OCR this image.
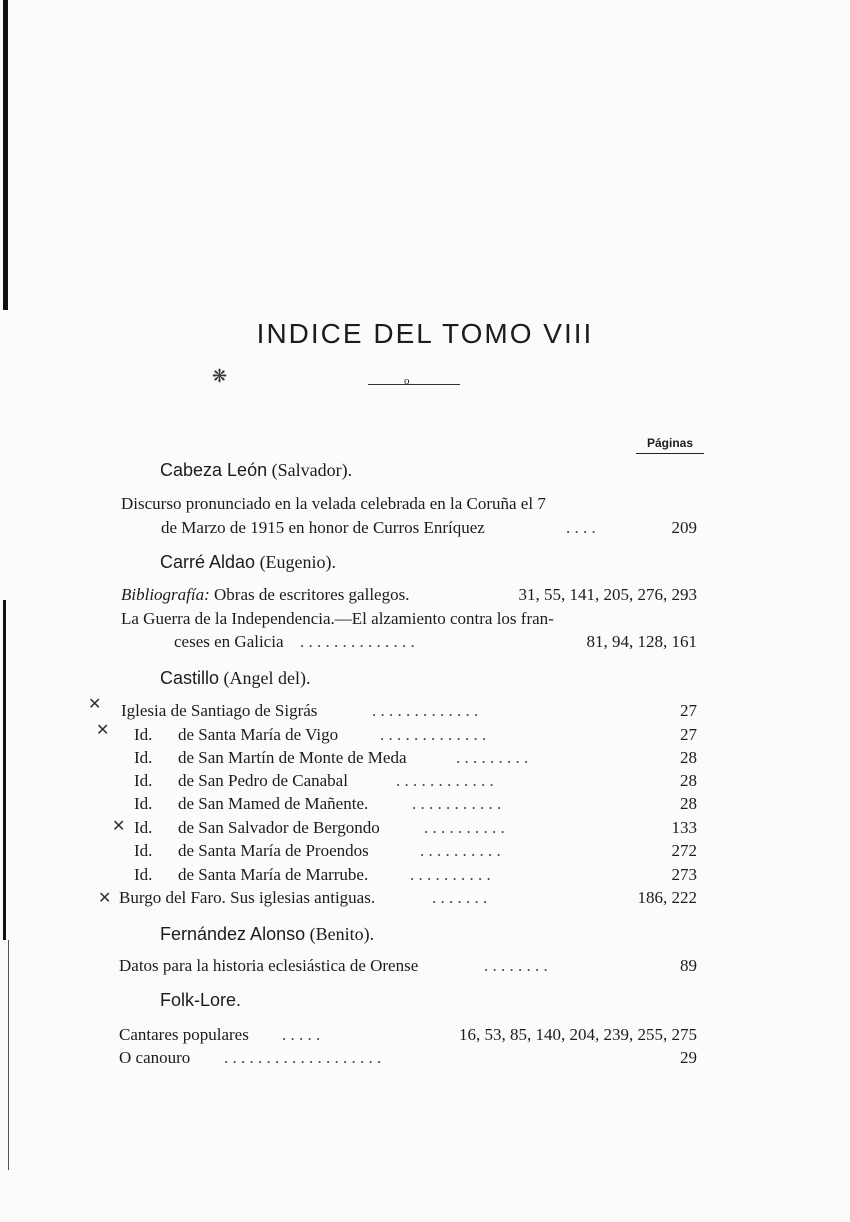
INDICE DEL TOMO VIII
❋	o
Páginas
Cabeza León (Salvador).
Discurso pronunciado en la velada celebrada en la Coruña el 7
de Marzo de 1915 en honor de Curros Enríquez	. . . .	209
Carré Aldao (Eugenio).
Bibliografía: Obras de escritores gallegos.	31, 55, 141, 205, 276, 293
La Guerra de la Independencia.—El alzamiento contra los fran-
ceses en Galicia . . . . . . . . . . . . . .	81, 94, 128, 161
Castillo (Angel del).
Iglesia de Santiago de Sigrás	. . . . . . . . . . . . .	27
Id. de Santa María de Vigo . . . . . . . . . . . . .	27
Id. de San Martín de Monte de Meda	. . . . . . . . .	28
Id. de San Pedro de Canabal	. . . . . . . . . . . .	28
Id. de San Mamed de Mañente.	. . . . . . . . . . .	28
Id. de San Salvador de Bergondo	. . . . . . . . . .	133
Id. de Santa María de Proendos	. . . . . . . . . .	272
Id. de Santa María de Marrube. . . . . . . . . . .	273
Burgo del Faro. Sus iglesias antiguas.	. . . . . . .	186, 222
Fernández Alonso (Benito).
Datos para la historia eclesiástica de Orense	. . . . . . . .	89
Folk-Lore.
Cantares populares . . . . .	16, 53, 85, 140, 204, 239, 255, 275
O canouro . . . . . . . . . . . . . . . . . . .	29
✕
✕
✕
✕
